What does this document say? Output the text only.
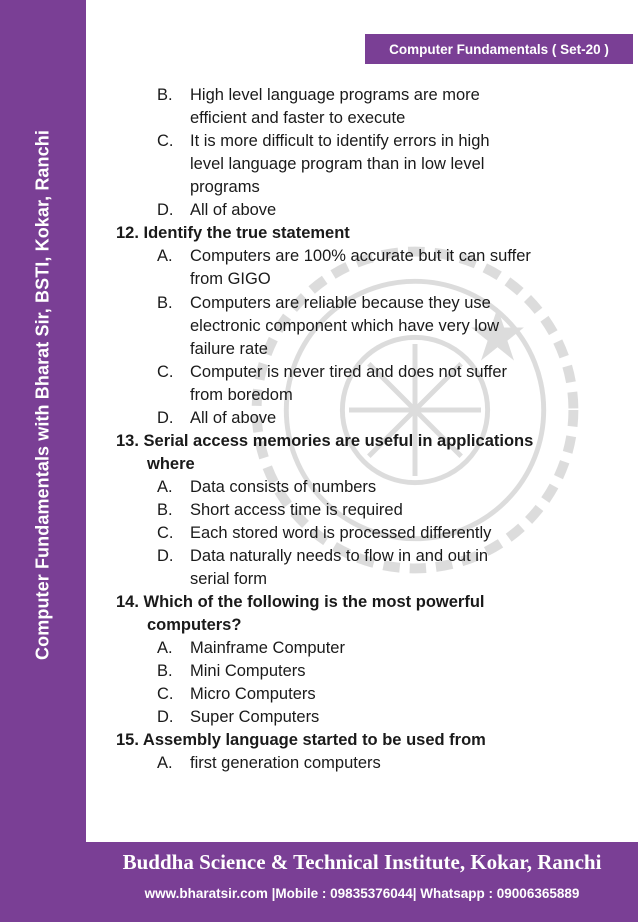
Computer Fundamentals with Bharat Sir, BSTI, Kokar, Ranchi
Computer Fundamentals ( Set-20 )
B. High level language programs are more
efficient and faster to execute
C. It is more difficult to identify errors in high
level language program than in low level
programs
D. All of above
12. Identify the true statement
A. Computers are 100% accurate but it can suffer
from GIGO
B. Computers are reliable because they use
electronic component which have very low
failure rate
C. Computer is never tired and does not suffer
from boredom
D. All of above
13. Serial access memories are useful in applications
where
A. Data consists of numbers
B. Short access time is required
C. Each stored word is processed differently
D. Data naturally needs to flow in and out in
serial form
14. Which of the following is the most powerful
computers?
A. Mainframe Computer
B. Mini Computers
C. Micro Computers
D. Super Computers
15. Assembly language started to be used from
A. first generation computers
Buddha Science & Technical Institute, Kokar, Ranchi
www.bharatsir.com |Mobile : 09835376044| Whatsapp : 09006365889
